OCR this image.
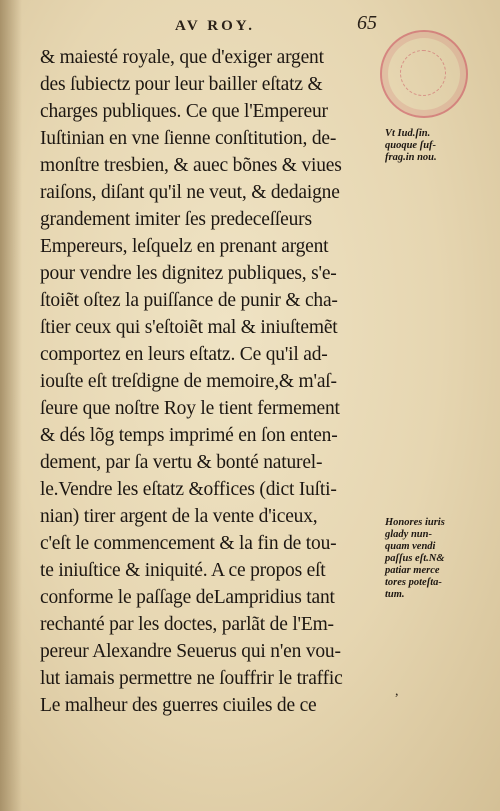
AV ROY.	65
& maiesté royale, que d'exiger argent
des ſubiectz pour leur bailler eſtatz &
charges publiques. Ce que l'Empereur
Iuſtinian en vne ſienne conſtitution, de-
monſtre tresbien, & auec bõnes & viues
raiſons, diſant qu'il ne veut, & dedaigne
grandement imiter ſes predeceſſeurs
Empereurs, leſquelz en prenant argent
pour vendre les dignitez publiques, s'e-
ſtoiẽt oſtez la puiſſance de punir & cha-
ſtier ceux qui s'eſtoiẽt mal & iniuſtemẽt
comportez en leurs eſtatz. Ce qu'il ad-
iouſte eſt treſdigne de memoire,& m'aſ-
ſeure que noſtre Roy le tient fermement
& dés lõg temps imprimé en ſon enten-
dement, par ſa vertu & bonté naturel-
le.Vendre les eſtatz &offices (dict Iuſti-
nian) tirer argent de la vente d'iceux,
c'eſt le commencement & la fin de tou-
te iniuſtice & iniquité. A ce propos eſt
conforme le paſſage deLampridius tant
rechanté par les doctes, parlãt de l'Em-
pereur Alexandre Seuerus qui n'en vou-
lut iamais permettre ne ſouffrir le traffic
Le malheur des guerres ciuiles de ce
Vt Iud.ſin.
quoque ſuf-
frag.in nou.
Honores iuris
glady nun-
quam vendi
paſſus eſt.N&
patiar merce
tores poteſta-
tum.
,
